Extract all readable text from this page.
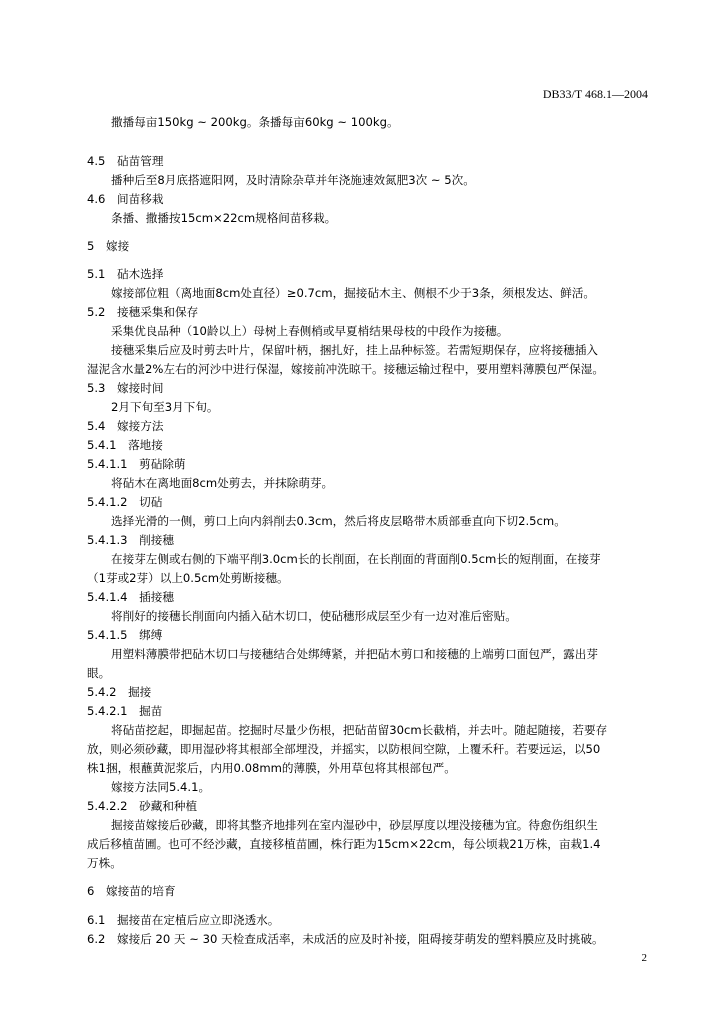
DB33/T 468.1—2004
撒播每亩150kg ~ 200kg。条播每亩60kg ~ 100kg。
4.5　砧苗管理
播种后至8月底搭遮阳网，及时清除杂草并年浇施速效氮肥3次 ~ 5次。
4.6　间苗移栽
条播、撒播按15cm×22cm规格间苗移栽。
5　嫁接
5.1　砧木选择
嫁接部位粗（离地面8cm处直径）≥0.7cm，掘接砧木主、侧根不少于3条，须根发达、鲜活。
5.2　接穗采集和保存
采集优良品种（10龄以上）母树上春侧梢或早夏梢结果母枝的中段作为接穗。
接穗采集后应及时剪去叶片，保留叶柄，捆扎好，挂上品种标签。若需短期保存，应将接穗插入
湿泥含水量2%左右的河沙中进行保湿，嫁接前冲洗晾干。接穗运输过程中，要用塑料薄膜包严保湿。
5.3　嫁接时间
2月下旬至3月下旬。
5.4　嫁接方法
5.4.1　落地接
5.4.1.1　剪砧除萌
将砧木在离地面8cm处剪去，并抹除萌芽。
5.4.1.2　切砧
选择光滑的一侧，剪口上向内斜削去0.3cm，然后将皮层略带木质部垂直向下切2.5cm。
5.4.1.3　削接穗
在接芽左侧或右侧的下端平削3.0cm长的长削面，在长削面的背面削0.5cm长的短削面，在接芽
（1芽或2芽）以上0.5cm处剪断接穗。
5.4.1.4　插接穗
将削好的接穗长削面向内插入砧木切口，使砧穗形成层至少有一边对准后密贴。
5.4.1.5　绑缚
用塑料薄膜带把砧木切口与接穗结合处绑缚紧，并把砧木剪口和接穗的上端剪口面包严，露出芽
眼。
5.4.2　掘接
5.4.2.1　掘苗
将砧苗挖起，即掘起苗。挖掘时尽量少伤根，把砧苗留30cm长截梢，并去叶。随起随接，若要存
放，则必须砂藏，即用湿砂将其根部全部埋没，并摇实，以防根间空隙，上覆禾秆。若要远运，以50
株1捆，根蘸黄泥浆后，内用0.08mm的薄膜，外用草包将其根部包严。
嫁接方法同5.4.1。
5.4.2.2　砂藏和种植
掘接苗嫁接后砂藏，即将其整齐地排列在室内湿砂中，砂层厚度以埋没接穗为宜。待愈伤组织生
成后移植苗圃。也可不经沙藏，直接移植苗圃，株行距为15cm×22cm，每公顷栽21万株，亩栽1.4
万株。
6　嫁接苗的培育
6.1　掘接苗在定植后应立即浇透水。
6.2　嫁接后 20 天 ~ 30 天检查成活率，未成活的应及时补接，阻碍接芽萌发的塑料膜应及时挑破。
2
